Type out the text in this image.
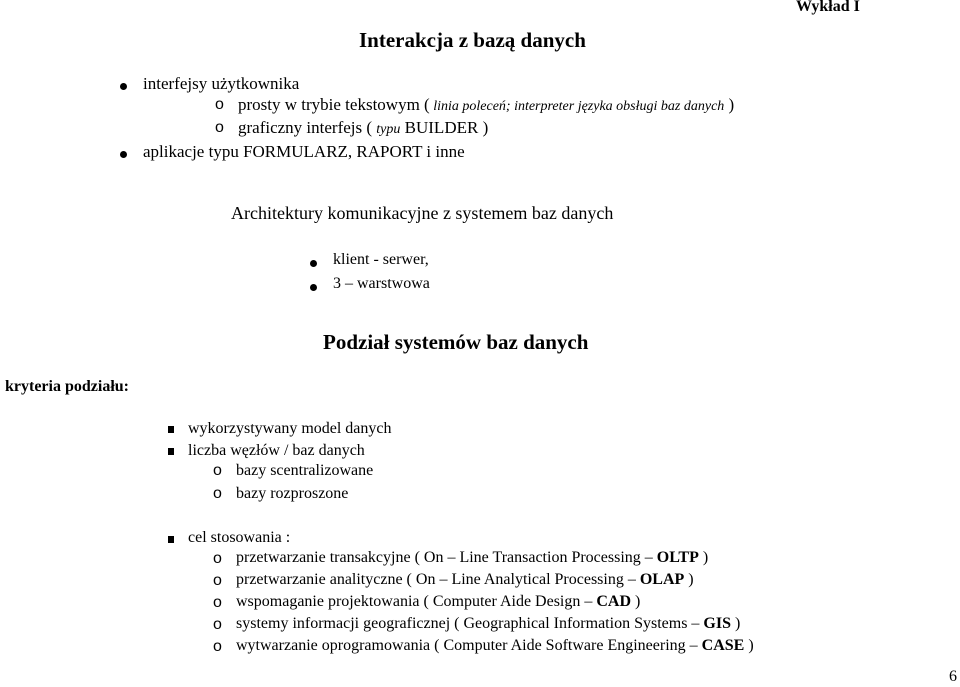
Wykład I
Interakcja z bazą danych
interfejsy użytkownika
o prosty w trybie tekstowym ( linia poleceń; interpreter języka obsługi baz danych )
o graficzny interfejs ( typu BUILDER )
aplikacje typu FORMULARZ, RAPORT i inne
Architektury komunikacyjne z systemem baz danych
klient - serwer,
3 – warstwowa
Podział systemów baz danych
kryteria podziału:
wykorzystywany model danych
liczba węzłów / baz danych
o bazy scentralizowane
o bazy rozproszone
cel stosowania :
o przetwarzanie transakcyjne ( On – Line Transaction Processing – OLTP )
o przetwarzanie analityczne ( On – Line Analytical Processing – OLAP )
o wspomaganie projektowania ( Computer Aide Design – CAD )
o systemy informacji geograficznej ( Geographical Information Systems – GIS )
o wytwarzanie oprogramowania ( Computer Aide Software Engineering – CASE )
6
